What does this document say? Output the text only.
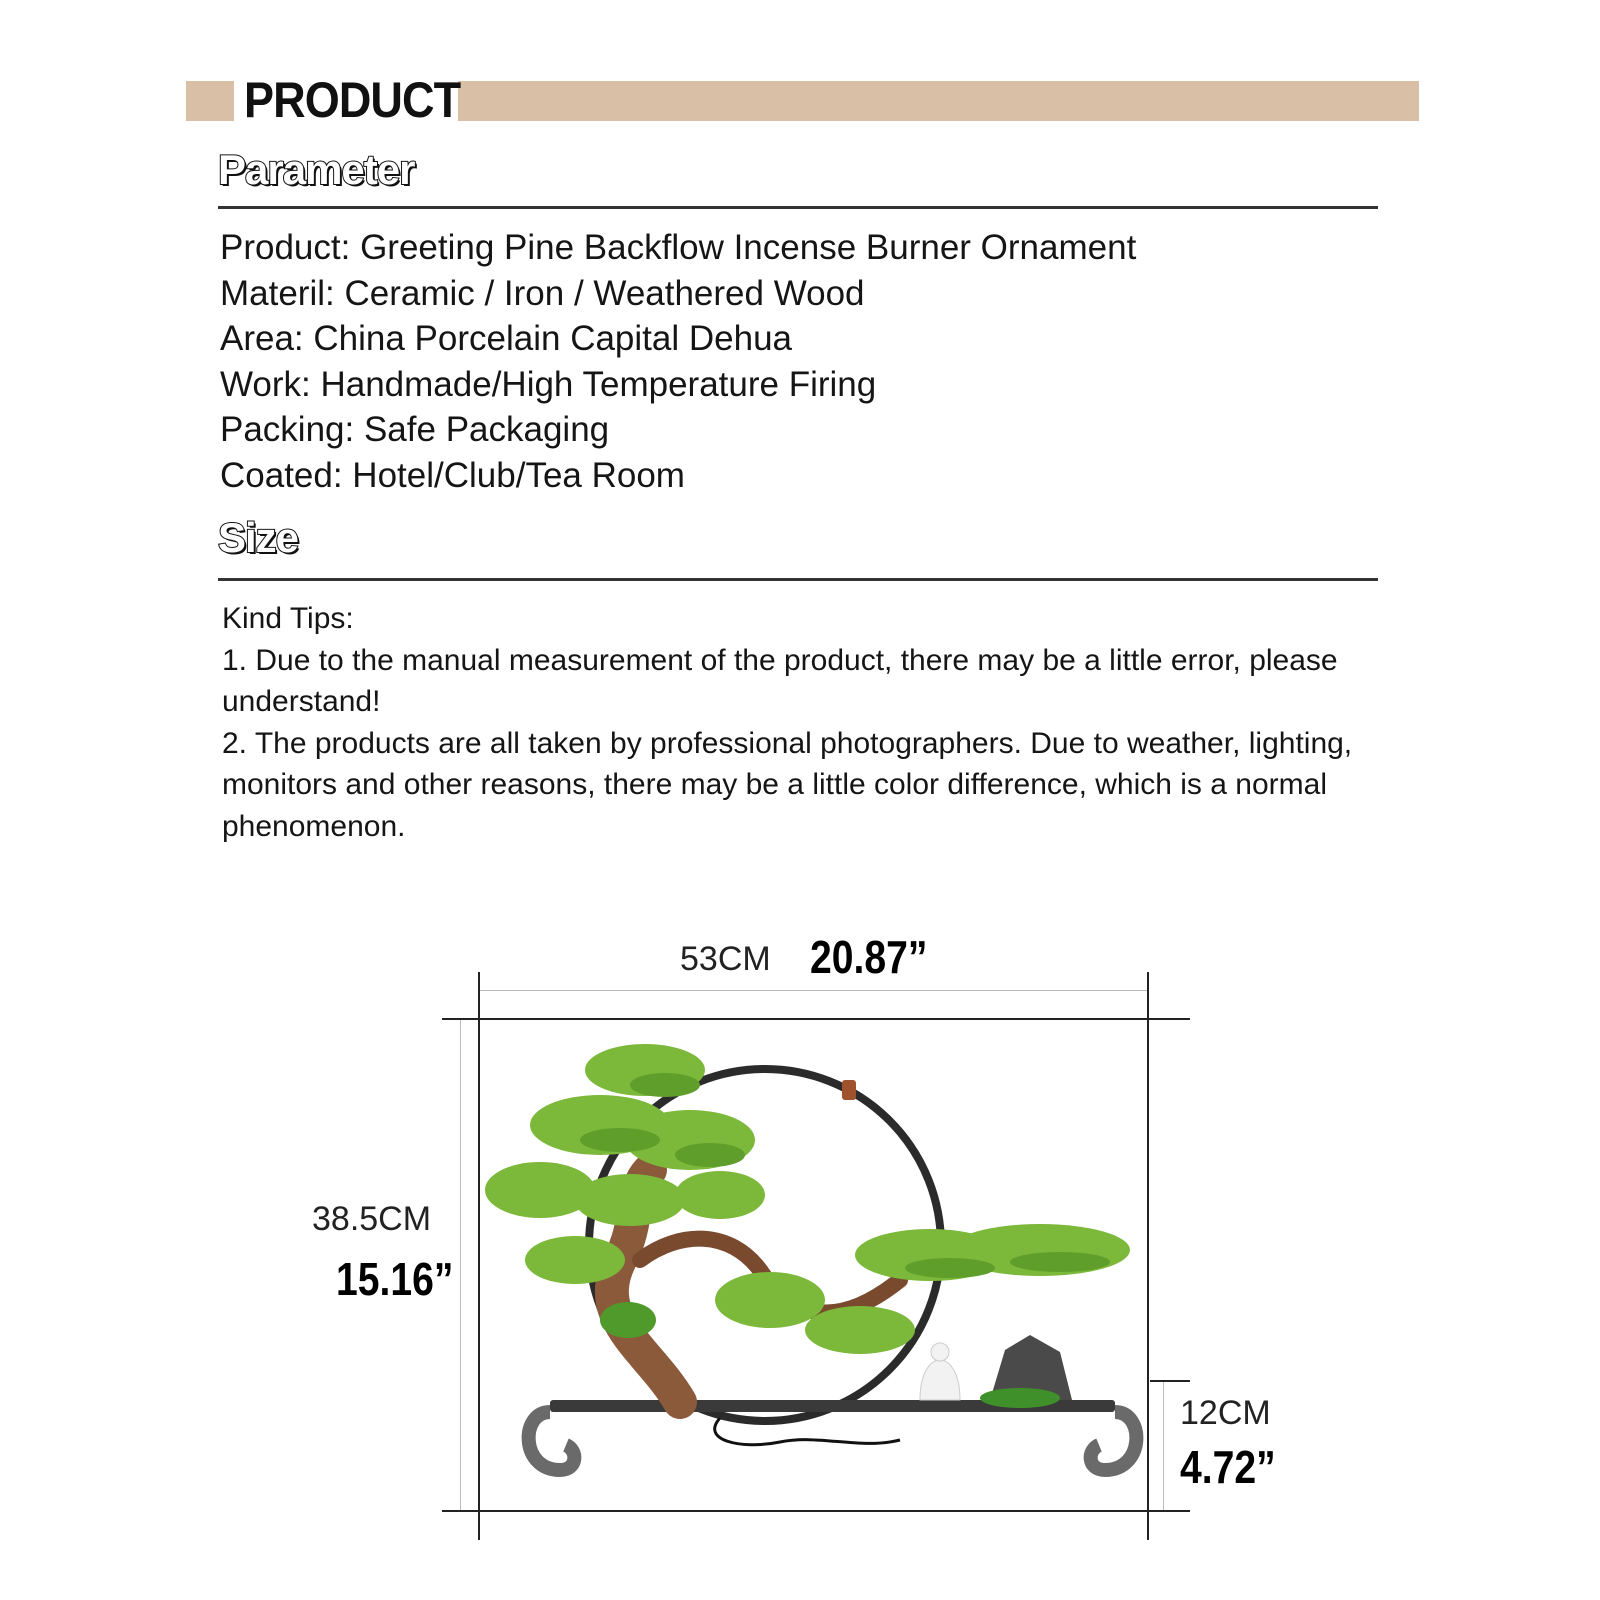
PRODUCT
Parameter
Product: Greeting Pine Backflow Incense Burner Ornament
Materil: Ceramic / Iron / Weathered Wood
Area: China Porcelain Capital Dehua
Work: Handmade/High Temperature Firing
Packing: Safe Packaging
Coated: Hotel/Club/Tea Room
Size
Kind Tips:
1. Due to the manual measurement of the product, there may be a little error, please understand!
2. The products are all taken by professional photographers. Due to weather, lighting, monitors and other reasons, there may be a little color difference, which is a normal phenomenon.
53CM 20.87”
38.5CM
15.16”
12CM
4.72”
